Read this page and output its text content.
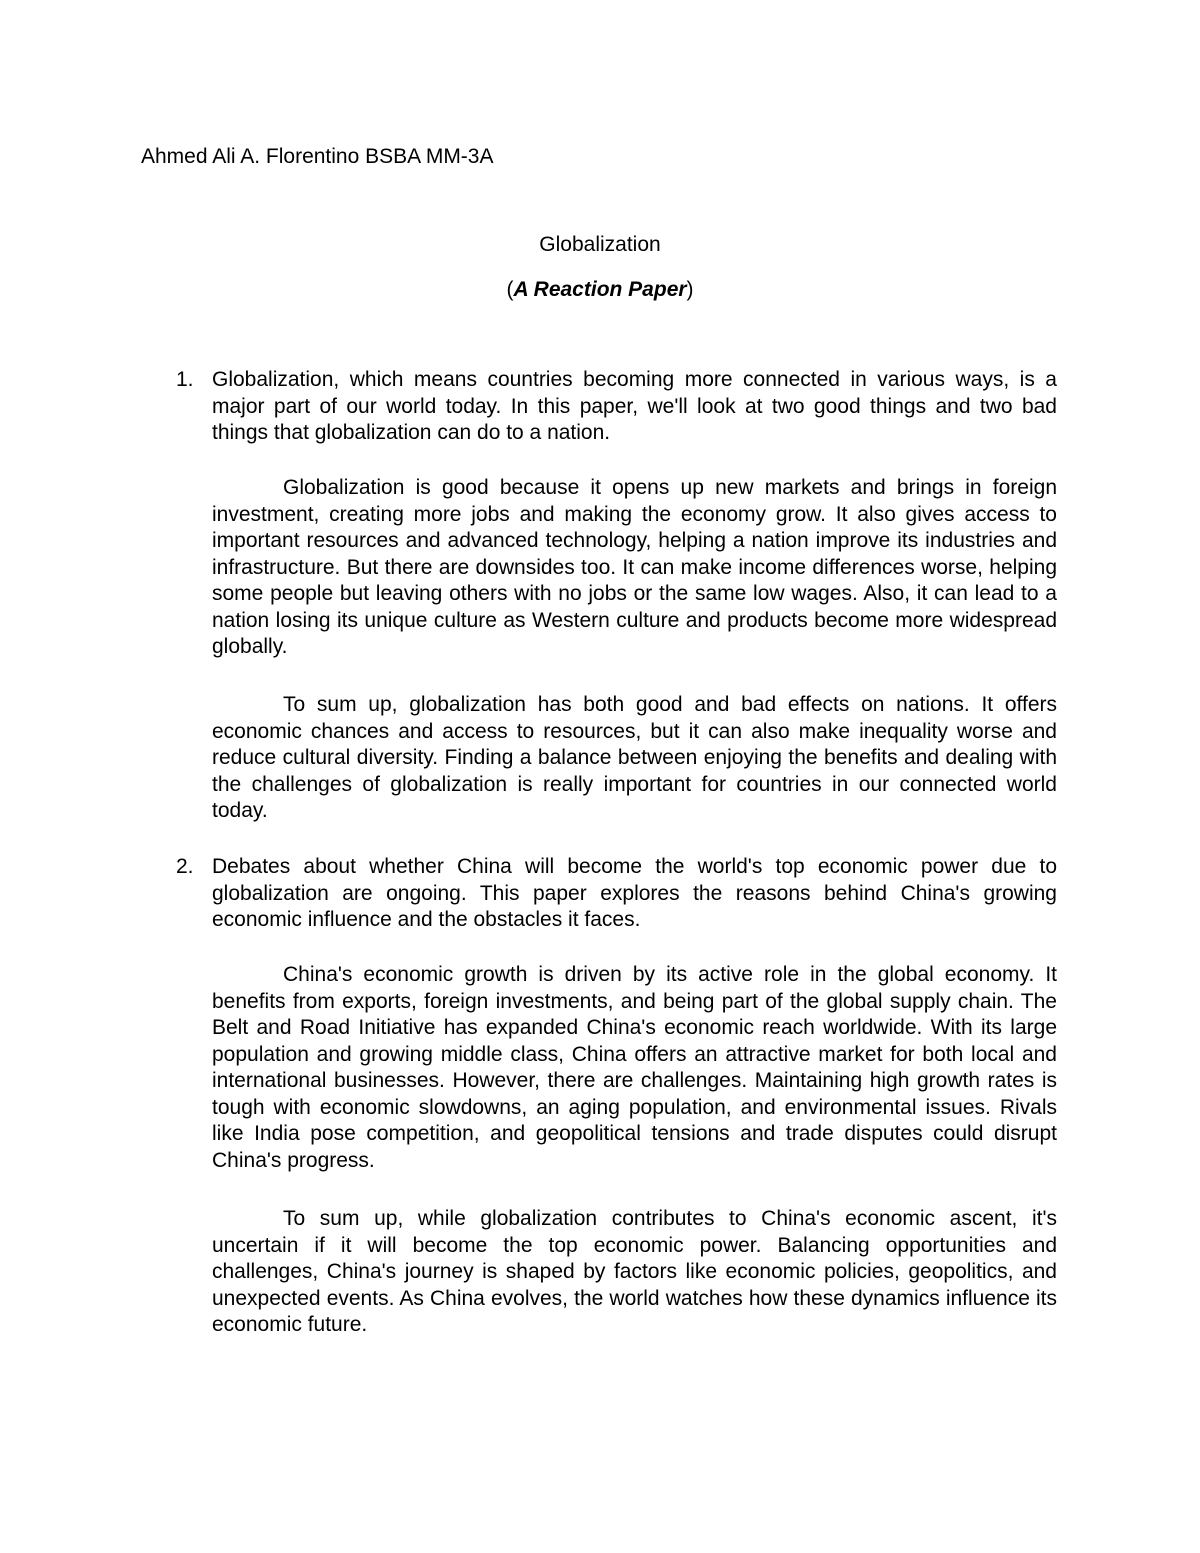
Ahmed Ali A. Florentino BSBA MM-3A
Globalization
(A Reaction Paper)
1. Globalization, which means countries becoming more connected in various ways, is a major part of our world today. In this paper, we'll look at two good things and two bad things that globalization can do to a nation.

Globalization is good because it opens up new markets and brings in foreign investment, creating more jobs and making the economy grow. It also gives access to important resources and advanced technology, helping a nation improve its industries and infrastructure. But there are downsides too. It can make income differences worse, helping some people but leaving others with no jobs or the same low wages. Also, it can lead to a nation losing its unique culture as Western culture and products become more widespread globally.

To sum up, globalization has both good and bad effects on nations. It offers economic chances and access to resources, but it can also make inequality worse and reduce cultural diversity. Finding a balance between enjoying the benefits and dealing with the challenges of globalization is really important for countries in our connected world today.

2. Debates about whether China will become the world's top economic power due to globalization are ongoing. This paper explores the reasons behind China's growing economic influence and the obstacles it faces.

China's economic growth is driven by its active role in the global economy. It benefits from exports, foreign investments, and being part of the global supply chain. The Belt and Road Initiative has expanded China's economic reach worldwide. With its large population and growing middle class, China offers an attractive market for both local and international businesses. However, there are challenges. Maintaining high growth rates is tough with economic slowdowns, an aging population, and environmental issues. Rivals like India pose competition, and geopolitical tensions and trade disputes could disrupt China's progress.

To sum up, while globalization contributes to China's economic ascent, it's uncertain if it will become the top economic power. Balancing opportunities and challenges, China's journey is shaped by factors like economic policies, geopolitics, and unexpected events. As China evolves, the world watches how these dynamics influence its economic future.
